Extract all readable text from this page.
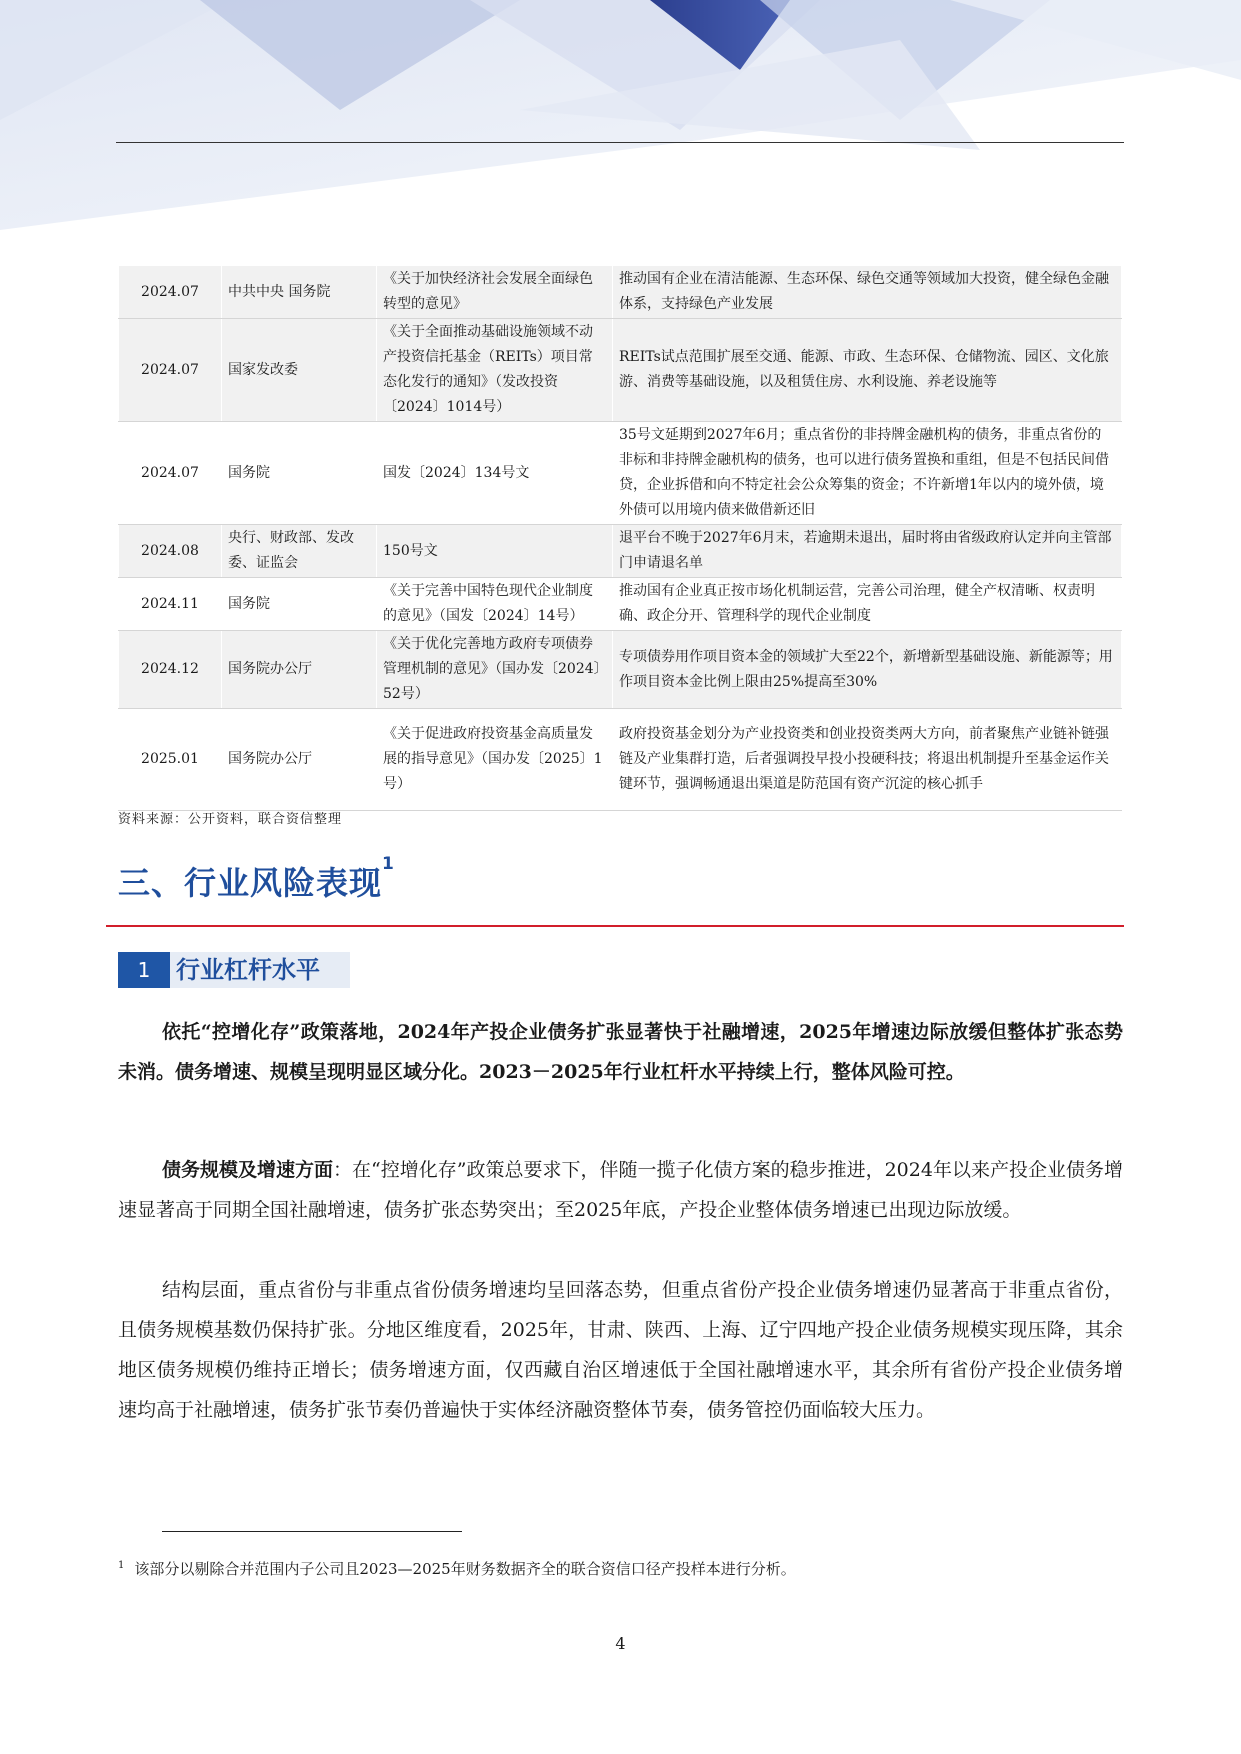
2024.07	中共中央 国务院	《关于加快经济社会发展全面绿色转型的意见》	推动国有企业在清洁能源、生态环保、绿色交通等领域加大投资，健全绿色金融体系，支持绿色产业发展
2024.07	国家发改委	《关于全面推动基础设施领域不动产投资信托基金（REITs）项目常态化发行的通知》（发改投资〔2024〕1014号）	REITs试点范围扩展至交通、能源、市政、生态环保、仓储物流、园区、文化旅游、消费等基础设施，以及租赁住房、水利设施、养老设施等
2024.07	国务院	国发〔2024〕134号文	35号文延期到2027年6月；重点省份的非持牌金融机构的债务，非重点省份的非标和非持牌金融机构的债务，也可以进行债务置换和重组，但是不包括民间借贷，企业拆借和向不特定社会公众筹集的资金；不许新增1年以内的境外债，境外债可以用境内债来做借新还旧
2024.08	央行、财政部、发改委、证监会	150号文	退平台不晚于2027年6月末，若逾期未退出，届时将由省级政府认定并向主管部门申请退名单
2024.11	国务院	《关于完善中国特色现代企业制度的意见》（国发〔2024〕14号）	推动国有企业真正按市场化机制运营，完善公司治理，健全产权清晰、权责明确、政企分开、管理科学的现代企业制度
2024.12	国务院办公厅	《关于优化完善地方政府专项债券管理机制的意见》（国办发〔2024〕52号）	专项债券用作项目资本金的领域扩大至22个，新增新型基础设施、新能源等；用作项目资本金比例上限由25%提高至30%
2025.01	国务院办公厅	《关于促进政府投资基金高质量发展的指导意见》（国办发〔2025〕1号）	政府投资基金划分为产业投资类和创业投资类两大方向，前者聚焦产业链补链强链及产业集群打造，后者强调投早投小投硬科技；将退出机制提升至基金运作关键环节，强调畅通退出渠道是防范国有资产沉淀的核心抓手
资料来源：公开资料，联合资信整理
三、行业风险表现$^1$
1	行业杠杆水平

依托“控增化存”政策落地，2024年产投企业债务扩张显著快于社融增速，2025年增速边际放缓但整体扩张态势未消。债务增速、规模呈现明显区域分化。2023－2025年行业杠杆水平持续上行，整体风险可控。

债务规模及增速方面：在“控增化存”政策总要求下，伴随一揽子化债方案的稳步推进，2024年以来产投企业债务增速显著高于同期全国社融增速，债务扩张态势突出；至2025年底，产投企业整体债务增速已出现边际放缓。

结构层面，重点省份与非重点省份债务增速均呈回落态势，但重点省份产投企业债务增速仍显著高于非重点省份，且债务规模基数仍保持扩张。分地区维度看，2025年，甘肃、陕西、上海、辽宁四地产投企业债务规模实现压降，其余地区债务规模仍维持正增长；债务增速方面，仅西藏自治区增速低于全国社融增速水平，其余所有省份产投企业债务增速均高于社融增速，债务扩张节奏仍普遍快于实体经济融资整体节奏，债务管控仍面临较大压力。

$^1$ 该部分以剔除合并范围内子公司且2023—2025年财务数据齐全的联合资信口径产投样本进行分析。
4
